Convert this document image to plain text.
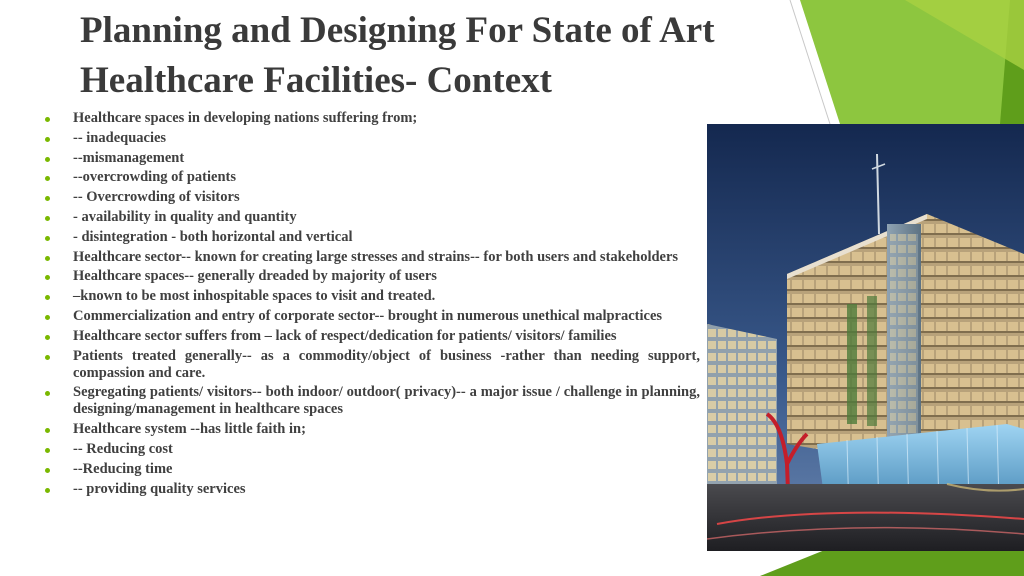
Planning and Designing For State of Art
Healthcare Facilities- Context
Healthcare spaces in developing nations suffering from;
-- inadequacies
--mismanagement
--overcrowding of patients
-- Overcrowding of visitors
- availability in quality and quantity
- disintegration - both horizontal and vertical
Healthcare sector-- known for creating large stresses and strains-- for both users and stakeholders
Healthcare spaces-- generally dreaded by majority of users
–known to be most inhospitable spaces to visit and treated.
Commercialization and entry of corporate sector-- brought in numerous unethical malpractices
Healthcare sector suffers from – lack of respect/dedication for patients/ visitors/ families
Patients treated generally-- as a commodity/object of business -rather than needing support, compassion and care.
Segregating patients/ visitors-- both indoor/ outdoor( privacy)-- a major issue / challenge in planning, designing/management in healthcare spaces
Healthcare system --has little faith in;
-- Reducing cost
--Reducing time
-- providing quality services
